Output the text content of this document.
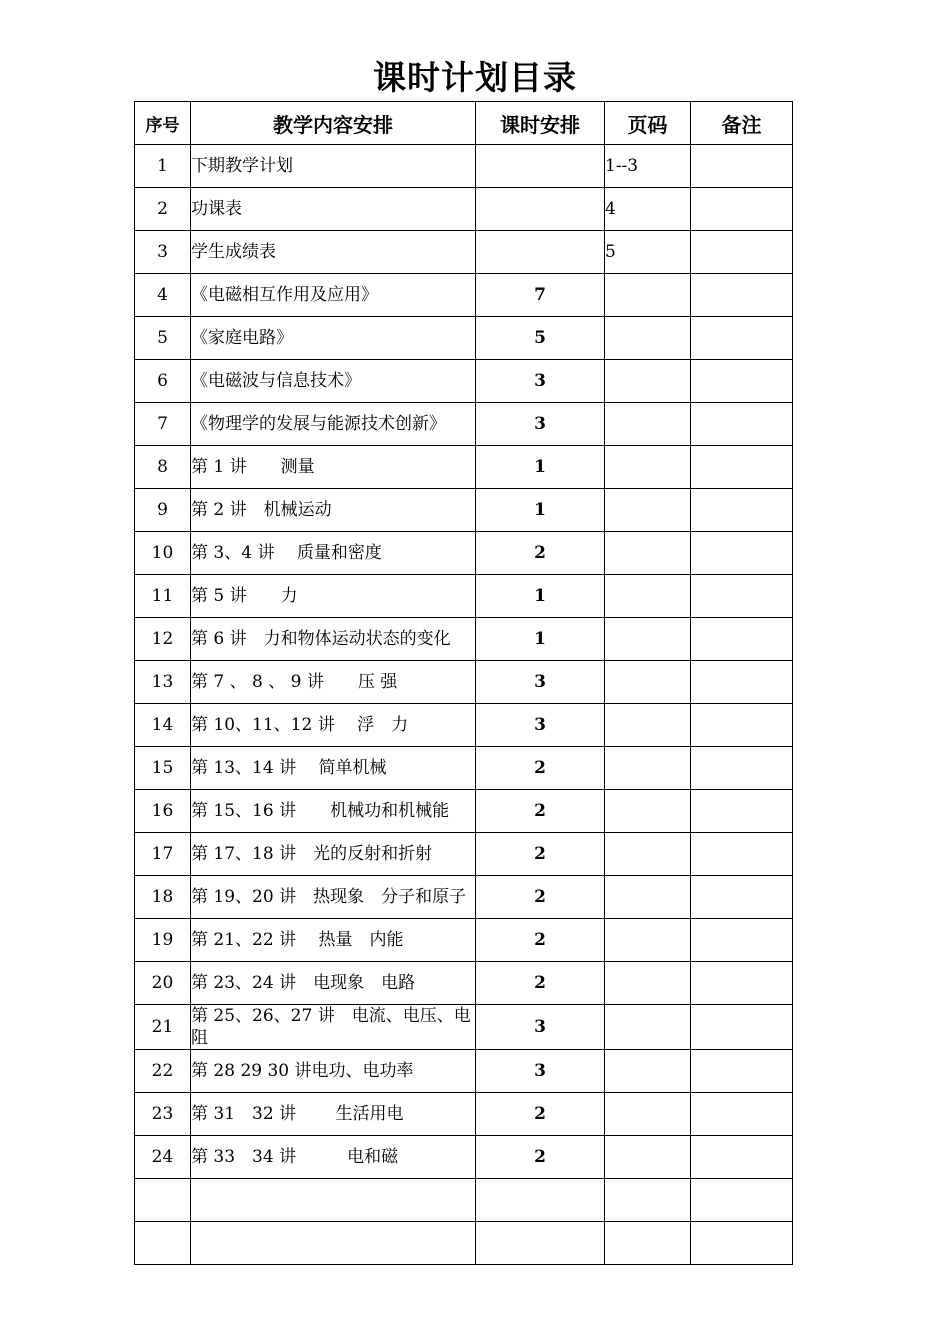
课时计划目录
序号	教学内容安排	课时安排	页码	备注
1	下期教学计划		1--3	
2	功课表		4	
3	学生成绩表		5	
4	《电磁相互作用及应用》	7		
5	《家庭电路》	5		
6	《电磁波与信息技术》	3		
7	《物理学的发展与能源技术创新》	3		
8	第 1 讲　　测量	1		
9	第 2 讲　机械运动	1		
10	第 3、4 讲　 质量和密度	2		
11	第 5 讲　　力	1		
12	第 6 讲　力和物体运动状态的变化	1		
13	第 7 、 8 、 9 讲　　压 强	3		
14	第 10、11、12 讲　 浮　力	3		
15	第 13、14 讲　 简单机械	2		
16	第 15、16 讲　　机械功和机械能	2		
17	第 17、18 讲　光的反射和折射	2		
18	第 19、20 讲　热现象　分子和原子	2		
19	第 21、22 讲　 热量　内能	2		
20	第 23、24 讲　电现象　电路	2		
21	第 25、26、27 讲　电流、电压、电阻	3		
22	第 28 29 30 讲电功、电功率	3		
23	第 31　32 讲　　 生活用电	2		
24	第 33　34 讲　　　电和磁	2		
